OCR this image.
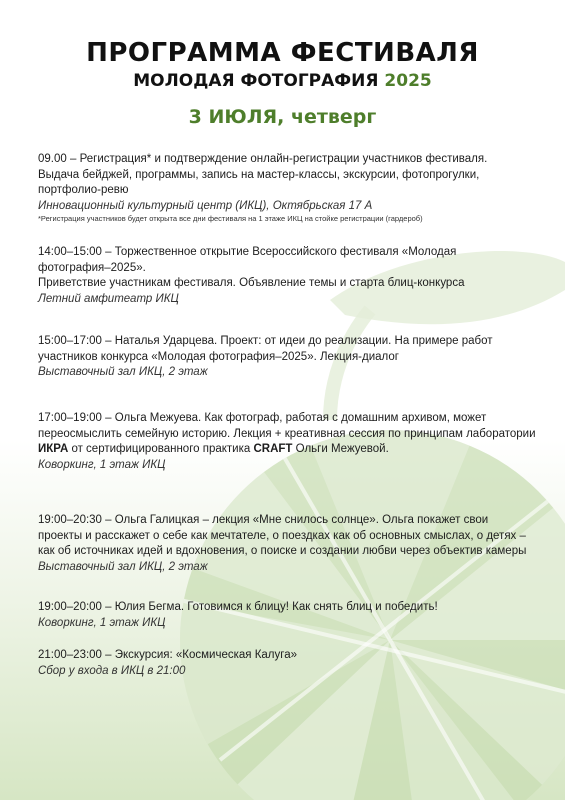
ПРОГРАММА ФЕСТИВАЛЯ
МОЛОДАЯ ФОТОГРАФИЯ 2025
3 ИЮЛЯ, четверг
09.00 – Регистрация* и подтверждение онлайн-регистрации участников фестиваля.
Выдача бейджей, программы, запись на мастер-классы, экскурсии, фотопрогулки,
портфолио-ревю
Инновационный культурный центр (ИКЦ), Октябрьская 17 А
*Регистрация участников будет открыта все дни фестиваля на 1 этаже ИКЦ на стойке регистрации (гардероб)
14:00–15:00 – Торжественное открытие Всероссийского фестиваля «Молодая
фотография–2025».
Приветствие участникам фестиваля. Объявление темы и старта блиц-конкурса
Летний амфитеатр ИКЦ
15:00–17:00 – Наталья Ударцева. Проект: от идеи до реализации. На примере работ
участников конкурса «Молодая фотография–2025». Лекция-диалог
Выставочный зал ИКЦ, 2 этаж
17:00–19:00 – Ольга Межуева. Как фотограф, работая с домашним архивом, может
переосмыслить семейную историю. Лекция + креативная сессия по принципам лаборатории
ИКРА от сертифицированного практика CRAFT Ольги Межуевой.
Коворкинг, 1 этаж ИКЦ
19:00–20:30 – Ольга Галицкая – лекция «Мне снилось солнце». Ольга покажет свои
проекты и расскажет о себе как мечтателе, о поездках как об основных смыслах, о детях –
как об источниках идей и вдохновения, о поиске и создании любви через объектив камеры
Выставочный зал ИКЦ, 2 этаж
19:00–20:00 – Юлия Бегма. Готовимся к блицу! Как снять блиц и победить!
Коворкинг, 1 этаж ИКЦ
21:00–23:00 – Экскурсия: «Космическая Калуга»
Сбор у входа в ИКЦ в 21:00
